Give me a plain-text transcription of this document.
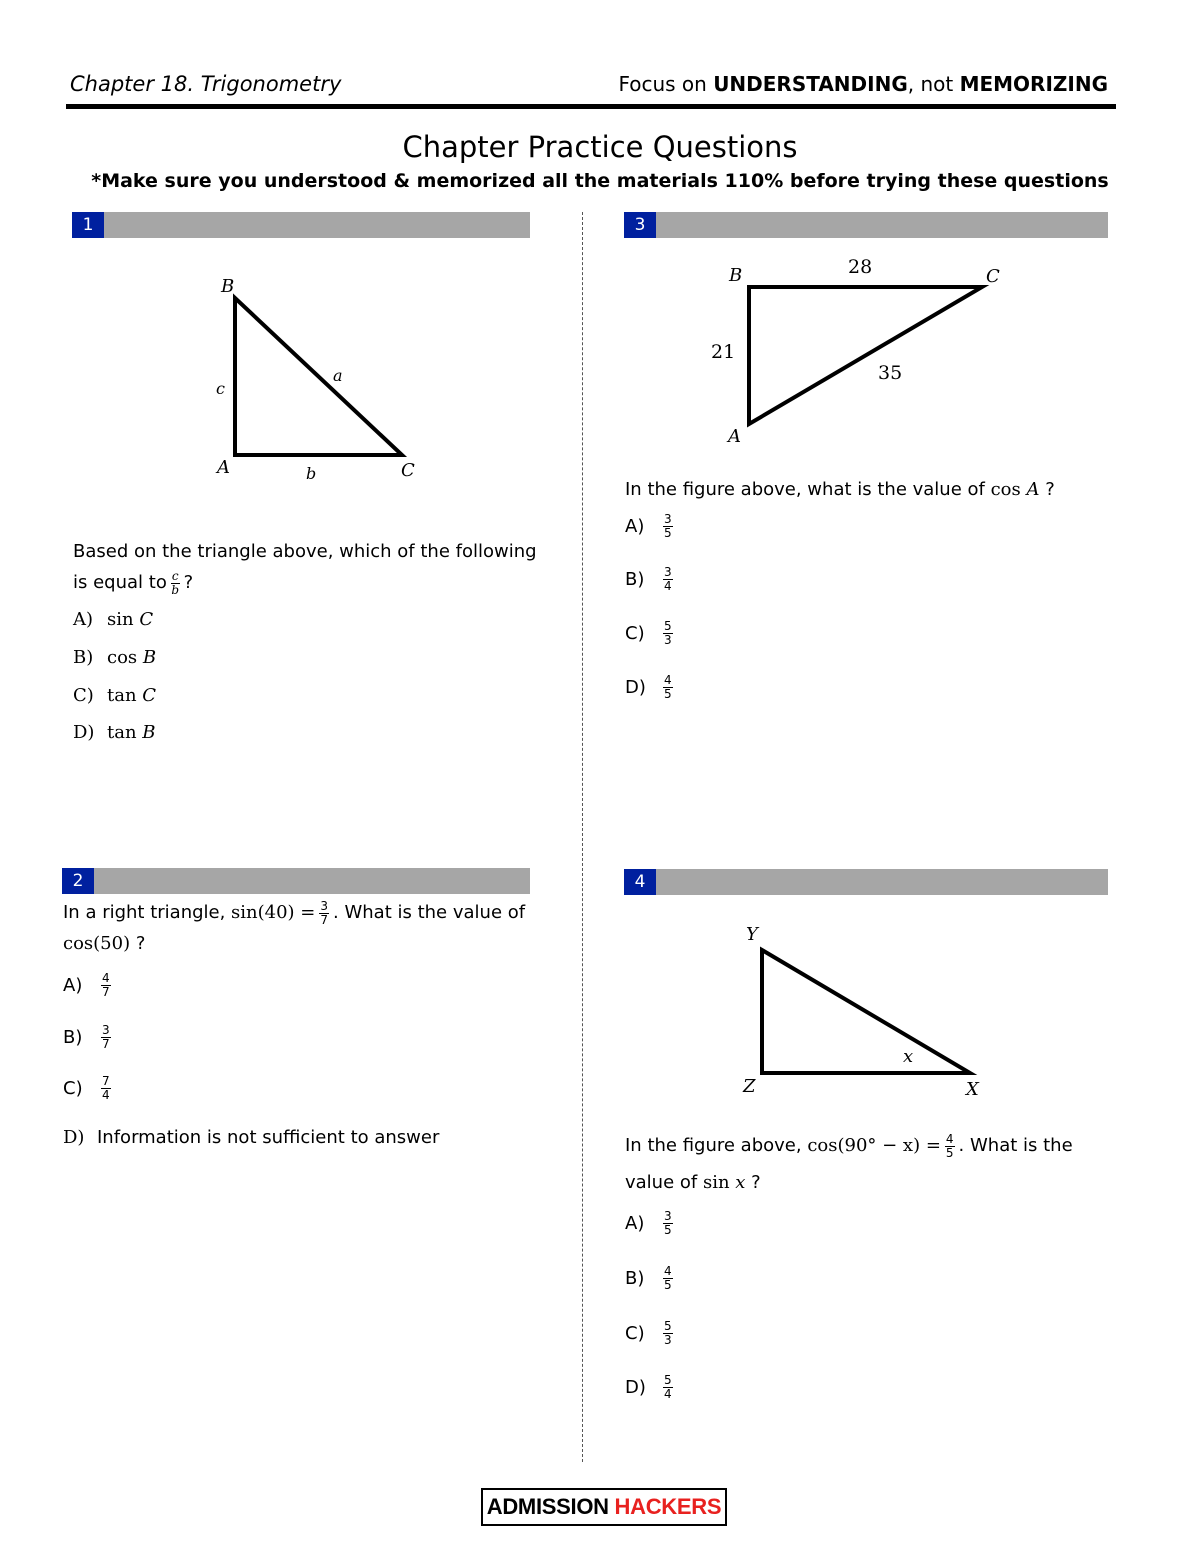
Chapter 18. Trigonometry	Focus on UNDERSTANDING, not MEMORIZING
Chapter Practice Questions
*Make sure you understood & memorized all the materials 110% before trying these questions
1
B
A	C
a
b
c
Based on the triangle above, which of the following
is equal to $\frac{c}{b}$ ?
A) sin C
B) cos B
C) tan C
D) tan B
2
In a right triangle, $\sin(40) = \frac{3}{7}$ . What is the value of
cos(50) ?
$A) \frac{4}{7}$
$B) \frac{3}{7}$
$C) \frac{7}{4}$
D) Information is not sufficient to answer
3
B	C
A
28
21
35
In the figure above, what is the value of cos A ?
$A) \frac{3}{5}$
$B) \frac{3}{4}$
$C) \frac{5}{3}$
$D) \frac{4}{5}$
4
Y
Z	X
x
In the figure above, $\cos(90^\circ - x) = \frac{4}{5}$ . What is the
value of sin x ?
$A) \frac{3}{5}$
$B) \frac{4}{5}$
$C) \frac{5}{3}$
$D) \frac{5}{4}$
ADMISSION HACKERS
